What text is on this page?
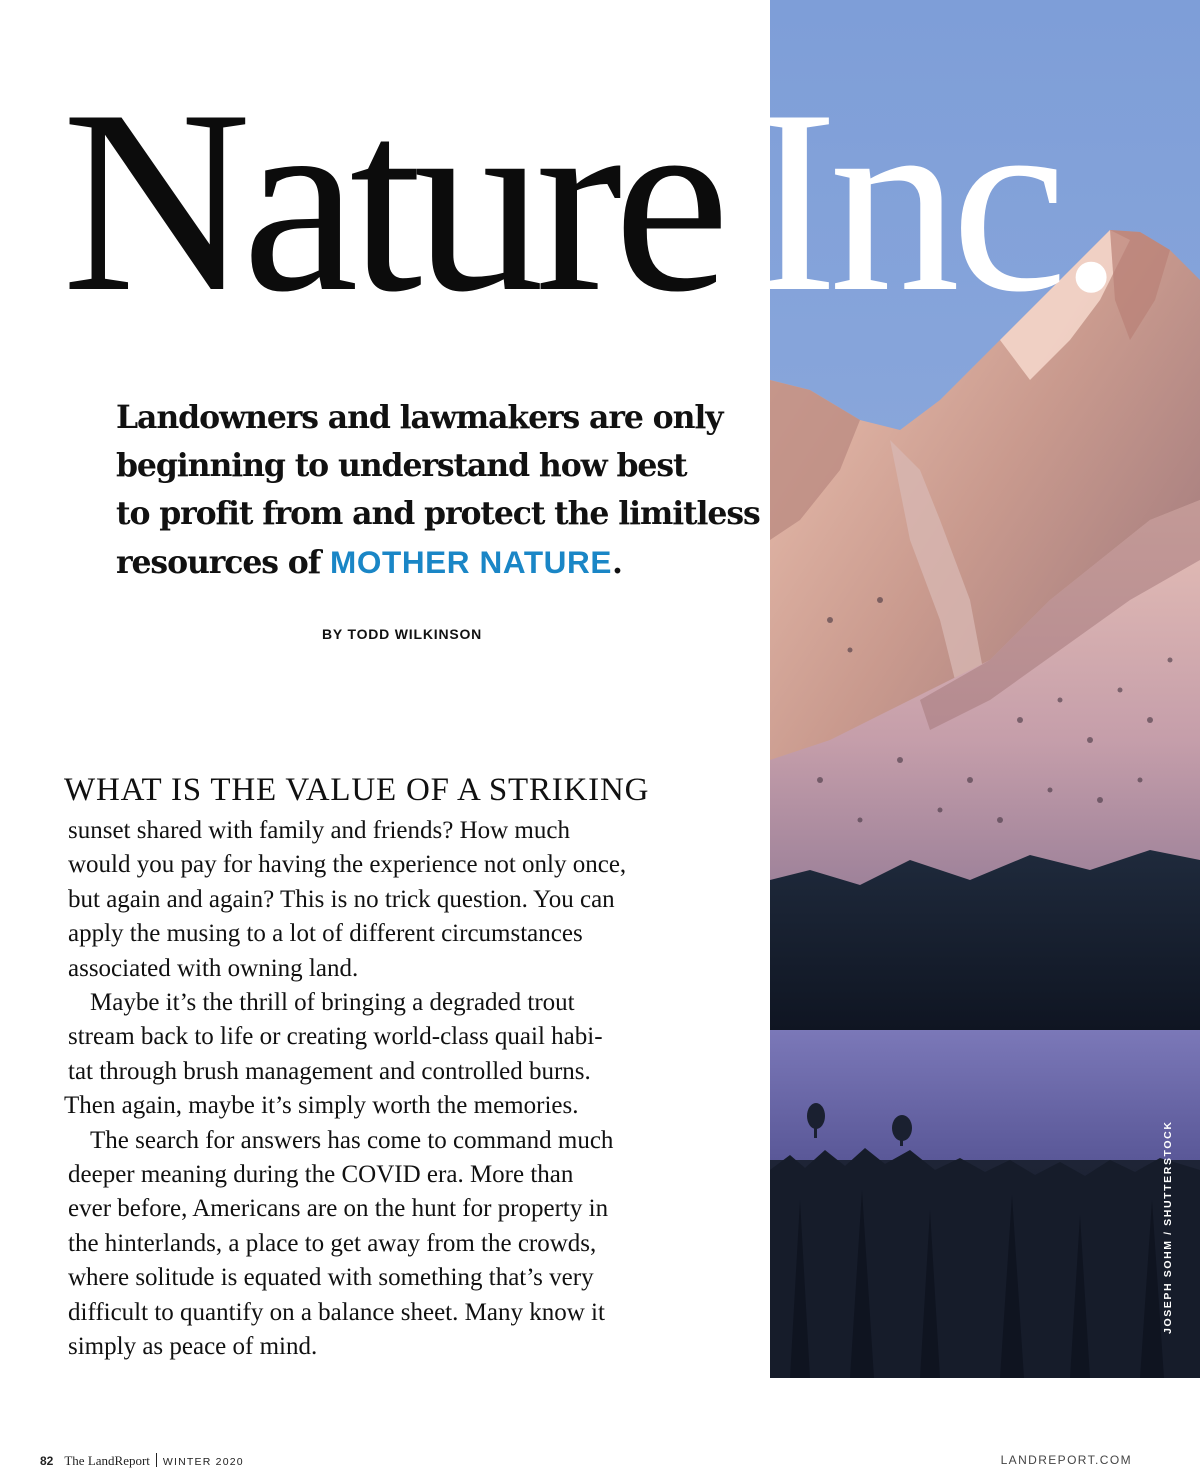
JOSEPH SOHM / SHUTTERSTOCK
Nature Inc.

Landowners and lawmakers are only
beginning to understand how best
to profit from and protect the limitless
resources of MOTHER NATURE.

BY TODD WILKINSON
WHAT IS THE VALUE OF A STRIKING
sunset shared with family and friends? How much
would you pay for having the experience not only once,
but again and again? This is no trick question. You can
apply the musing to a lot of different circumstances
associated with owning land.
Maybe it’s the thrill of bringing a degraded trout
stream back to life or creating world-class quail habi-
tat through brush management and controlled burns.
Then again, maybe it’s simply worth the memories.
The search for answers has come to command much
deeper meaning during the COVID era. More than
ever before, Americans are on the hunt for property in
the hinterlands, a place to get away from the crowds,
where solitude is equated with something that’s very
difficult to quantify on a balance sheet. Many know it
simply as peace of mind.
82 The LandReport WINTER 2020	LANDREPORT.COM
